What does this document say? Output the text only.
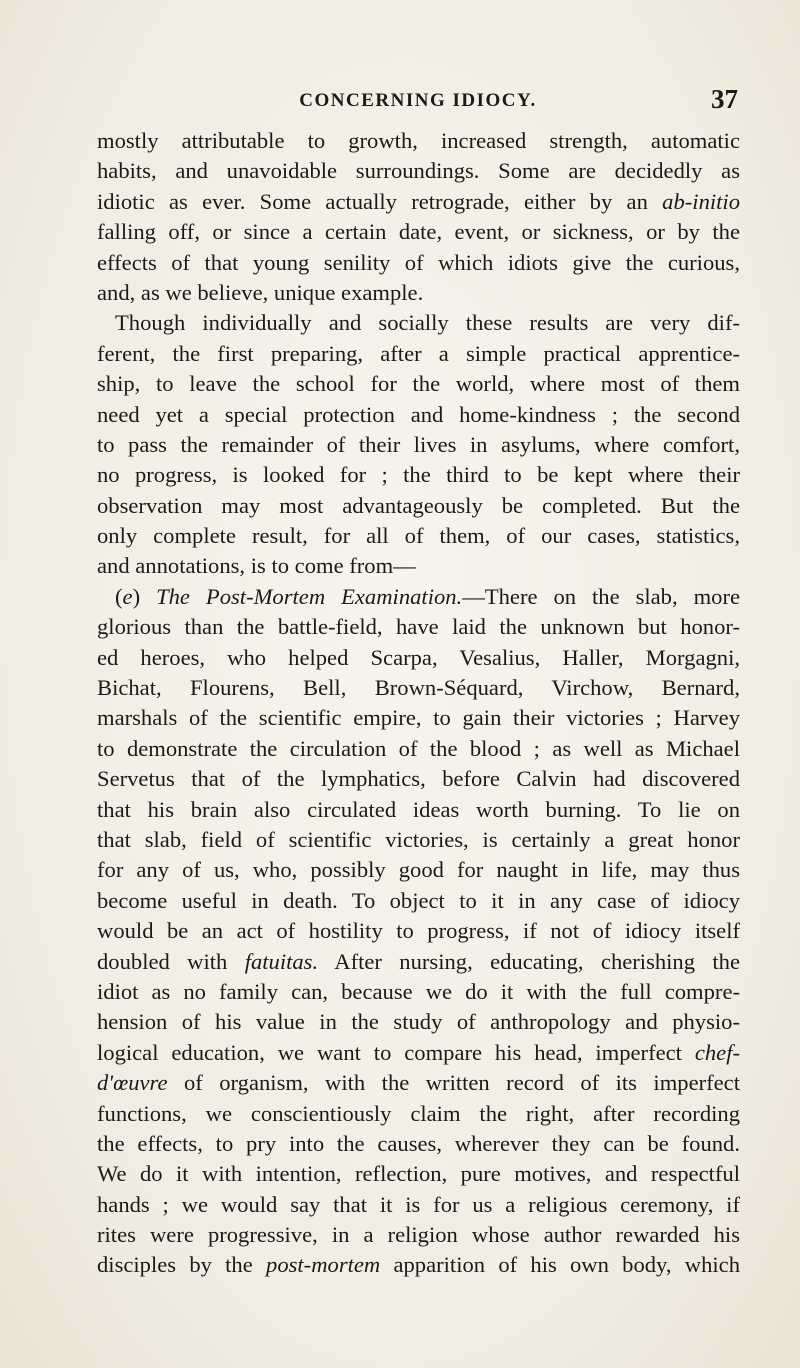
CONCERNING IDIOCY.	37
mostly attributable to growth, increased strength, automatic
habits, and unavoidable surroundings. Some are decidedly as
idiotic as ever. Some actually retrograde, either by an ab-initio
falling off, or since a certain date, event, or sickness, or by the
effects of that young senility of which idiots give the curious,
and, as we believe, unique example.
Though individually and socially these results are very dif-
ferent, the first preparing, after a simple practical apprentice-
ship, to leave the school for the world, where most of them
need yet a special protection and home-kindness ; the second
to pass the remainder of their lives in asylums, where comfort,
no progress, is looked for ; the third to be kept where their
observation may most advantageously be completed. But the
only complete result, for all of them, of our cases, statistics,
and annotations, is to come from—
(e) The Post-Mortem Examination.—There on the slab, more
glorious than the battle-field, have laid the unknown but honor-
ed heroes, who helped Scarpa, Vesalius, Haller, Morgagni,
Bichat, Flourens, Bell, Brown-Séquard, Virchow, Bernard,
marshals of the scientific empire, to gain their victories ; Harvey
to demonstrate the circulation of the blood ; as well as Michael
Servetus that of the lymphatics, before Calvin had discovered
that his brain also circulated ideas worth burning. To lie on
that slab, field of scientific victories, is certainly a great honor
for any of us, who, possibly good for naught in life, may thus
become useful in death. To object to it in any case of idiocy
would be an act of hostility to progress, if not of idiocy itself
doubled with fatuitas. After nursing, educating, cherishing the
idiot as no family can, because we do it with the full compre-
hension of his value in the study of anthropology and physio-
logical education, we want to compare his head, imperfect chef-
d'œuvre of organism, with the written record of its imperfect
functions, we conscientiously claim the right, after recording
the effects, to pry into the causes, wherever they can be found.
We do it with intention, reflection, pure motives, and respectful
hands ; we would say that it is for us a religious ceremony, if
rites were progressive, in a religion whose author rewarded his
disciples by the post-mortem apparition of his own body, which
